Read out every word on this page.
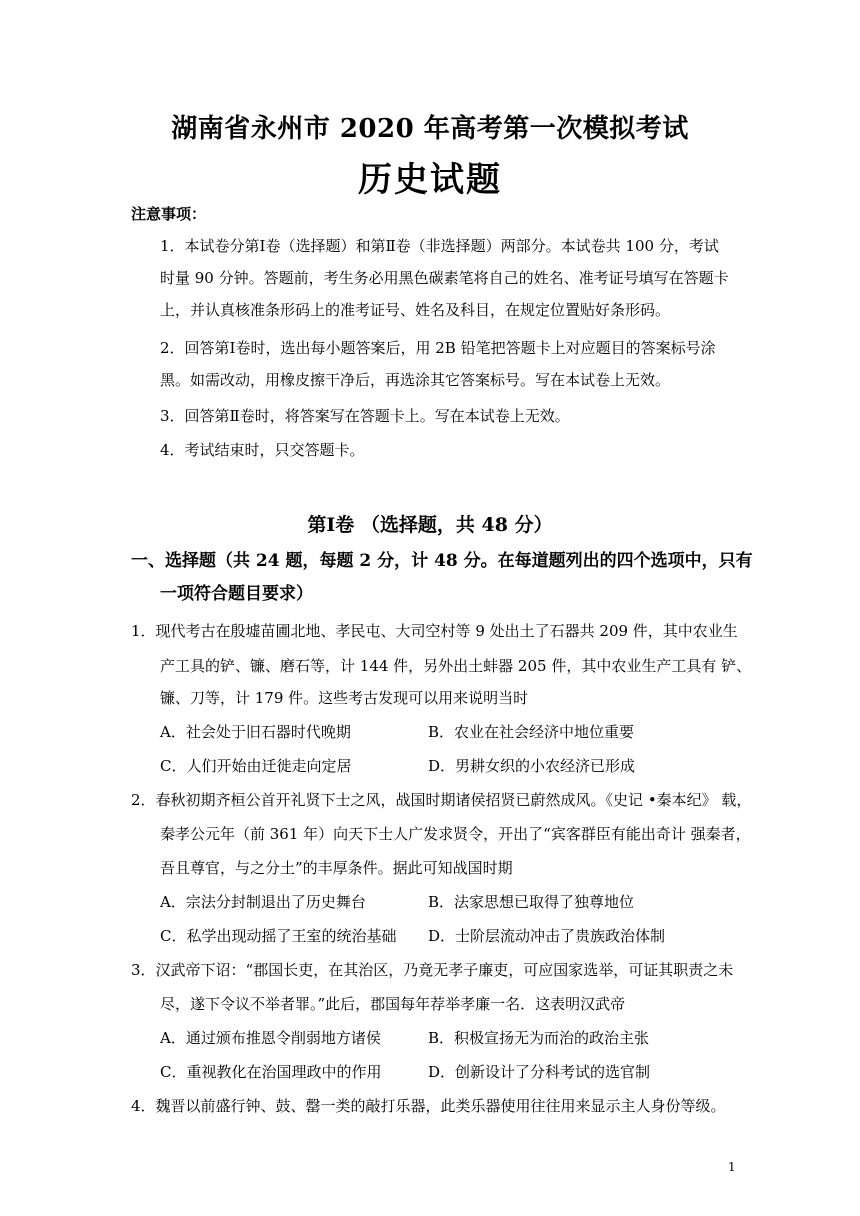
湖南省永州市 2020 年高考第一次模拟考试
历史试题
注意事项：
1．本试卷分第Ⅰ卷（选择题）和第Ⅱ卷（非选择题）两部分。本试卷共 100 分，考试
时量 90 分钟。答题前，考生务必用黑色碳素笔将自己的姓名、准考证号填写在答题卡
上，并认真核准条形码上的准考证号、姓名及科目，在规定位置贴好条形码。
2．回答第Ⅰ卷时，选出每小题答案后，用 2B 铅笔把答题卡上对应题目的答案标号涂
黑。如需改动，用橡皮擦干净后，再选涂其它答案标号。写在本试卷上无效。
3．回答第Ⅱ卷时，将答案写在答题卡上。写在本试卷上无效。
4．考试结束时，只交答题卡。
第Ⅰ卷 （选择题，共 48 分）
一、选择题（共 24 题，每题 2 分，计 48 分。在每道题列出的四个选项中，只有
一项符合题目要求）
1．现代考古在殷墟苗圃北地、孝民屯、大司空村等 9 处出土了石器共 209 件，其中农业生
产工具的铲、镰、磨石等，计 144 件，另外出土蚌器 205 件，其中农业生产工具有 铲、
镰、刀等，计 179 件。这些考古发现可以用来说明当时
A．社会处于旧石器时代晚期	B．农业在社会经济中地位重要
C．人们开始由迁徙走向定居	D．男耕女织的小农经济已形成
2．春秋初期齐桓公首开礼贤下士之风，战国时期诸侯招贤已蔚然成风。《史记 •秦本纪》 载，
秦孝公元年（前 361 年）向天下士人广发求贤令，开出了“宾客群臣有能出奇计 强秦者，
吾且尊官，与之分土”的丰厚条件。据此可知战国时期
A．宗法分封制退出了历史舞台	B．法家思想已取得了独尊地位
C．私学出现动摇了王室的统治基础 D．士阶层流动冲击了贵族政治体制
3．汉武帝下诏：“郡国长吏，在其治区，乃竟无孝子廉吏，可应国家选举，可证其职责之未
尽，遂下令议不举者罪。”此后，郡国每年荐举孝廉一名．这表明汉武帝
A．通过颁布推恩令削弱地方诸侯	B．积极宣扬无为而治的政治主张
C．重视教化在治国理政中的作用	D．创新设计了分科考试的选官制
4．魏晋以前盛行钟、鼓、罄一类的敲打乐器，此类乐器使用往往用来显示主人身份等级。
1
